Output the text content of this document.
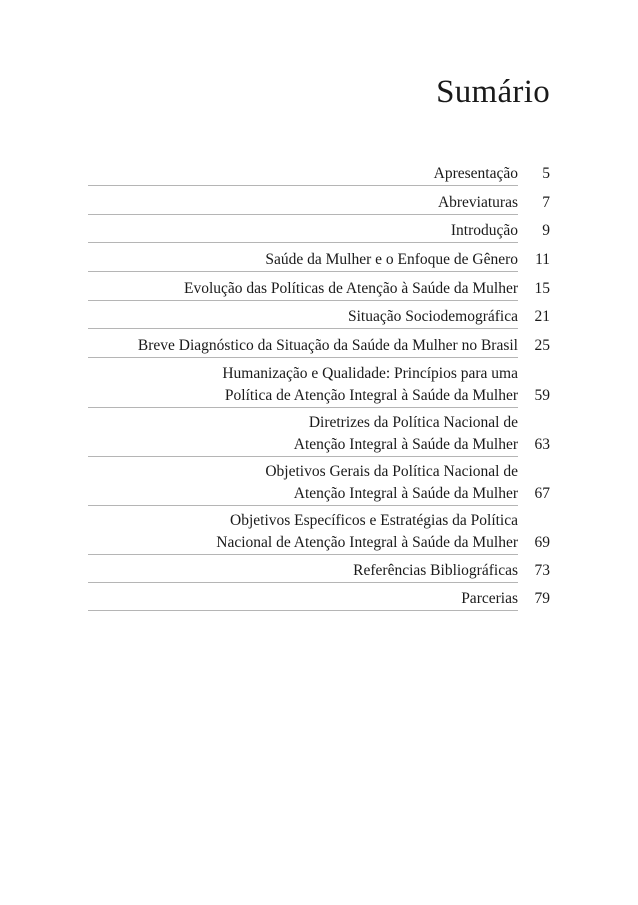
Sumário
Apresentação 5
Abreviaturas 7
Introdução 9
Saúde da Mulher e o Enfoque de Gênero 11
Evolução das Políticas de Atenção à Saúde da Mulher 15
Situação Sociodemográfica 21
Breve Diagnóstico da Situação da Saúde da Mulher no Brasil 25
Humanização e Qualidade: Princípios para uma
Política de Atenção Integral à Saúde da Mulher 59
Diretrizes da Política Nacional de
Atenção Integral à Saúde da Mulher 63
Objetivos Gerais da Política Nacional de
Atenção Integral à Saúde da Mulher 67
Objetivos Específicos e Estratégias da Política
Nacional de Atenção Integral à Saúde da Mulher 69
Referências Bibliográficas 73
Parcerias 79
